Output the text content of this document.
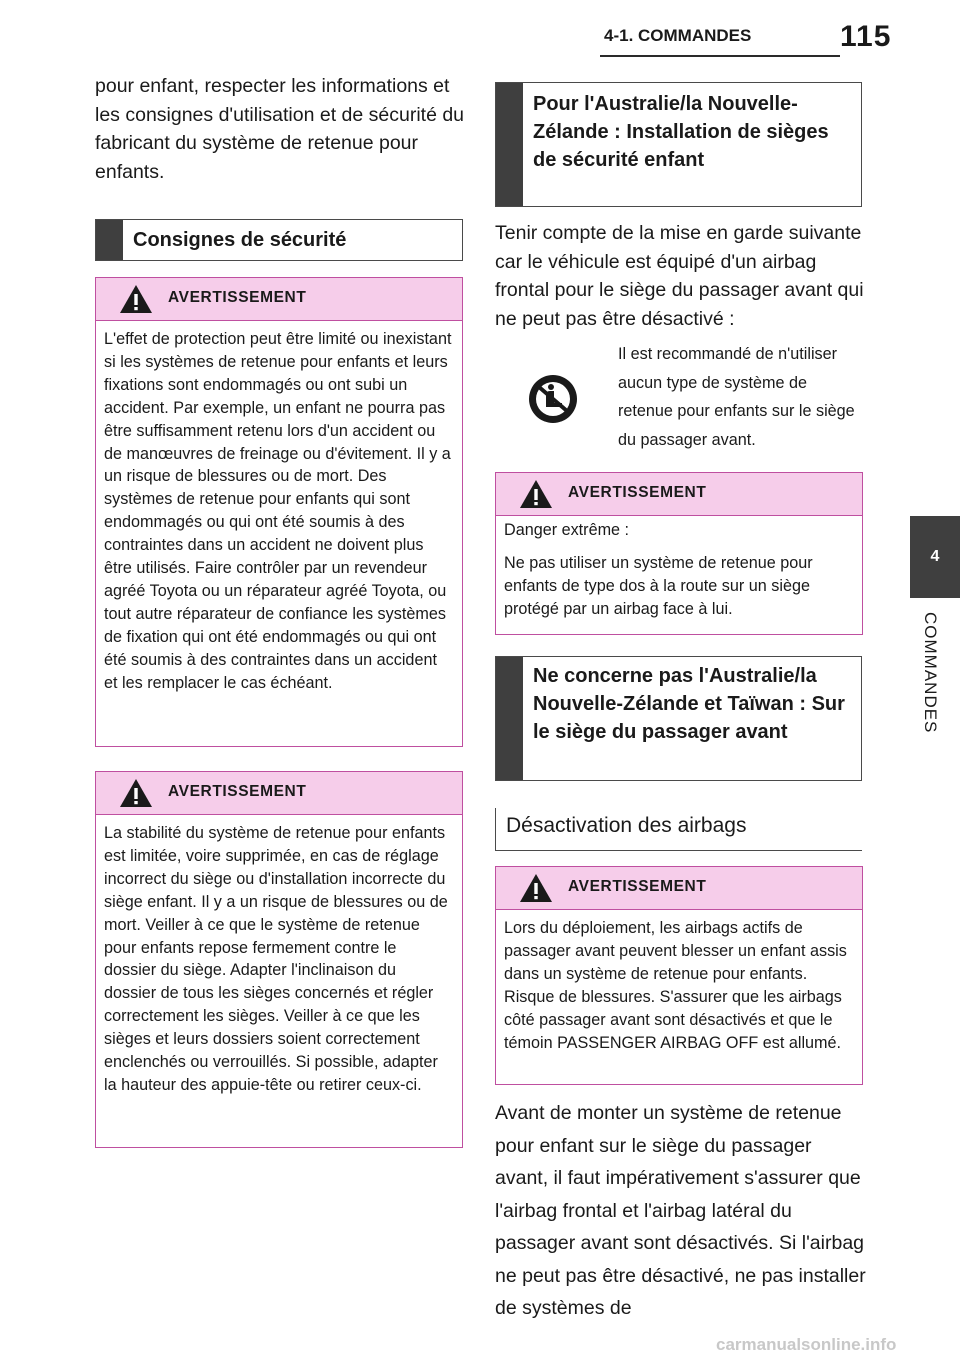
4-1. COMMANDES	115
4
COMMANDES
pour enfant, respecter les informations et les consignes d'utilisation et de sécurité du fabricant du système de retenue pour enfants.
Consignes de sécurité
AVERTISSEMENT

L'effet de protection peut être limité ou inexistant si les systèmes de retenue pour enfants et leurs fixations sont endommagés ou ont subi un accident. Par exemple, un enfant ne pourra pas être suffisamment retenu lors d'un accident ou de manœuvres de freinage ou d'évitement. Il y a un risque de blessures ou de mort. Des systèmes de retenue pour enfants qui sont endommagés ou qui ont été soumis à des contraintes dans un accident ne doivent plus être utilisés. Faire contrôler par un revendeur agréé Toyota ou un réparateur agréé Toyota, ou tout autre réparateur de confiance les systèmes de fixation qui ont été endommagés ou qui ont été soumis à des contraintes dans un accident et les remplacer le cas échéant.

AVERTISSEMENT

La stabilité du système de retenue pour enfants est limitée, voire supprimée, en cas de réglage incorrect du siège ou d'installation incorrecte du siège enfant. Il y a un risque de blessures ou de mort. Veiller à ce que le système de retenue pour enfants repose fermement contre le dossier du siège. Adapter l'inclinaison du dossier de tous les sièges concernés et régler correctement les sièges. Veiller à ce que les sièges et leurs dossiers soient correctement enclenchés ou verrouillés. Si possible, adapter la hauteur des appuie-tête ou retirer ceux-ci.

Pour l'Australie/la Nouvelle-Zélande : Installation de sièges de sécurité enfant
Tenir compte de la mise en garde suivante car le véhicule est équipé d'un airbag frontal pour le siège du passager avant qui ne peut pas être désactivé :
Il est recommandé de n'utiliser aucun type de système de retenue pour enfants sur le siège du passager avant.
AVERTISSEMENT

Danger extrême :

Ne pas utiliser un système de retenue pour enfants de type dos à la route sur un siège protégé par un airbag face à lui.

Ne concerne pas l'Australie/la Nouvelle-Zélande et Taïwan : Sur le siège du passager avant
Désactivation des airbags
AVERTISSEMENT

Lors du déploiement, les airbags actifs de passager avant peuvent blesser un enfant assis dans un système de retenue pour enfants. Risque de blessures. S'assurer que les airbags côté passager avant sont désactivés et que le témoin PASSENGER AIRBAG OFF est allumé.

Avant de monter un système de retenue pour enfant sur le siège du passager avant, il faut impérativement s'assurer que l'airbag frontal et l'airbag latéral du passager avant sont désactivés. Si l'airbag ne peut pas être désactivé, ne pas installer de systèmes de
carmanualsonline.info
